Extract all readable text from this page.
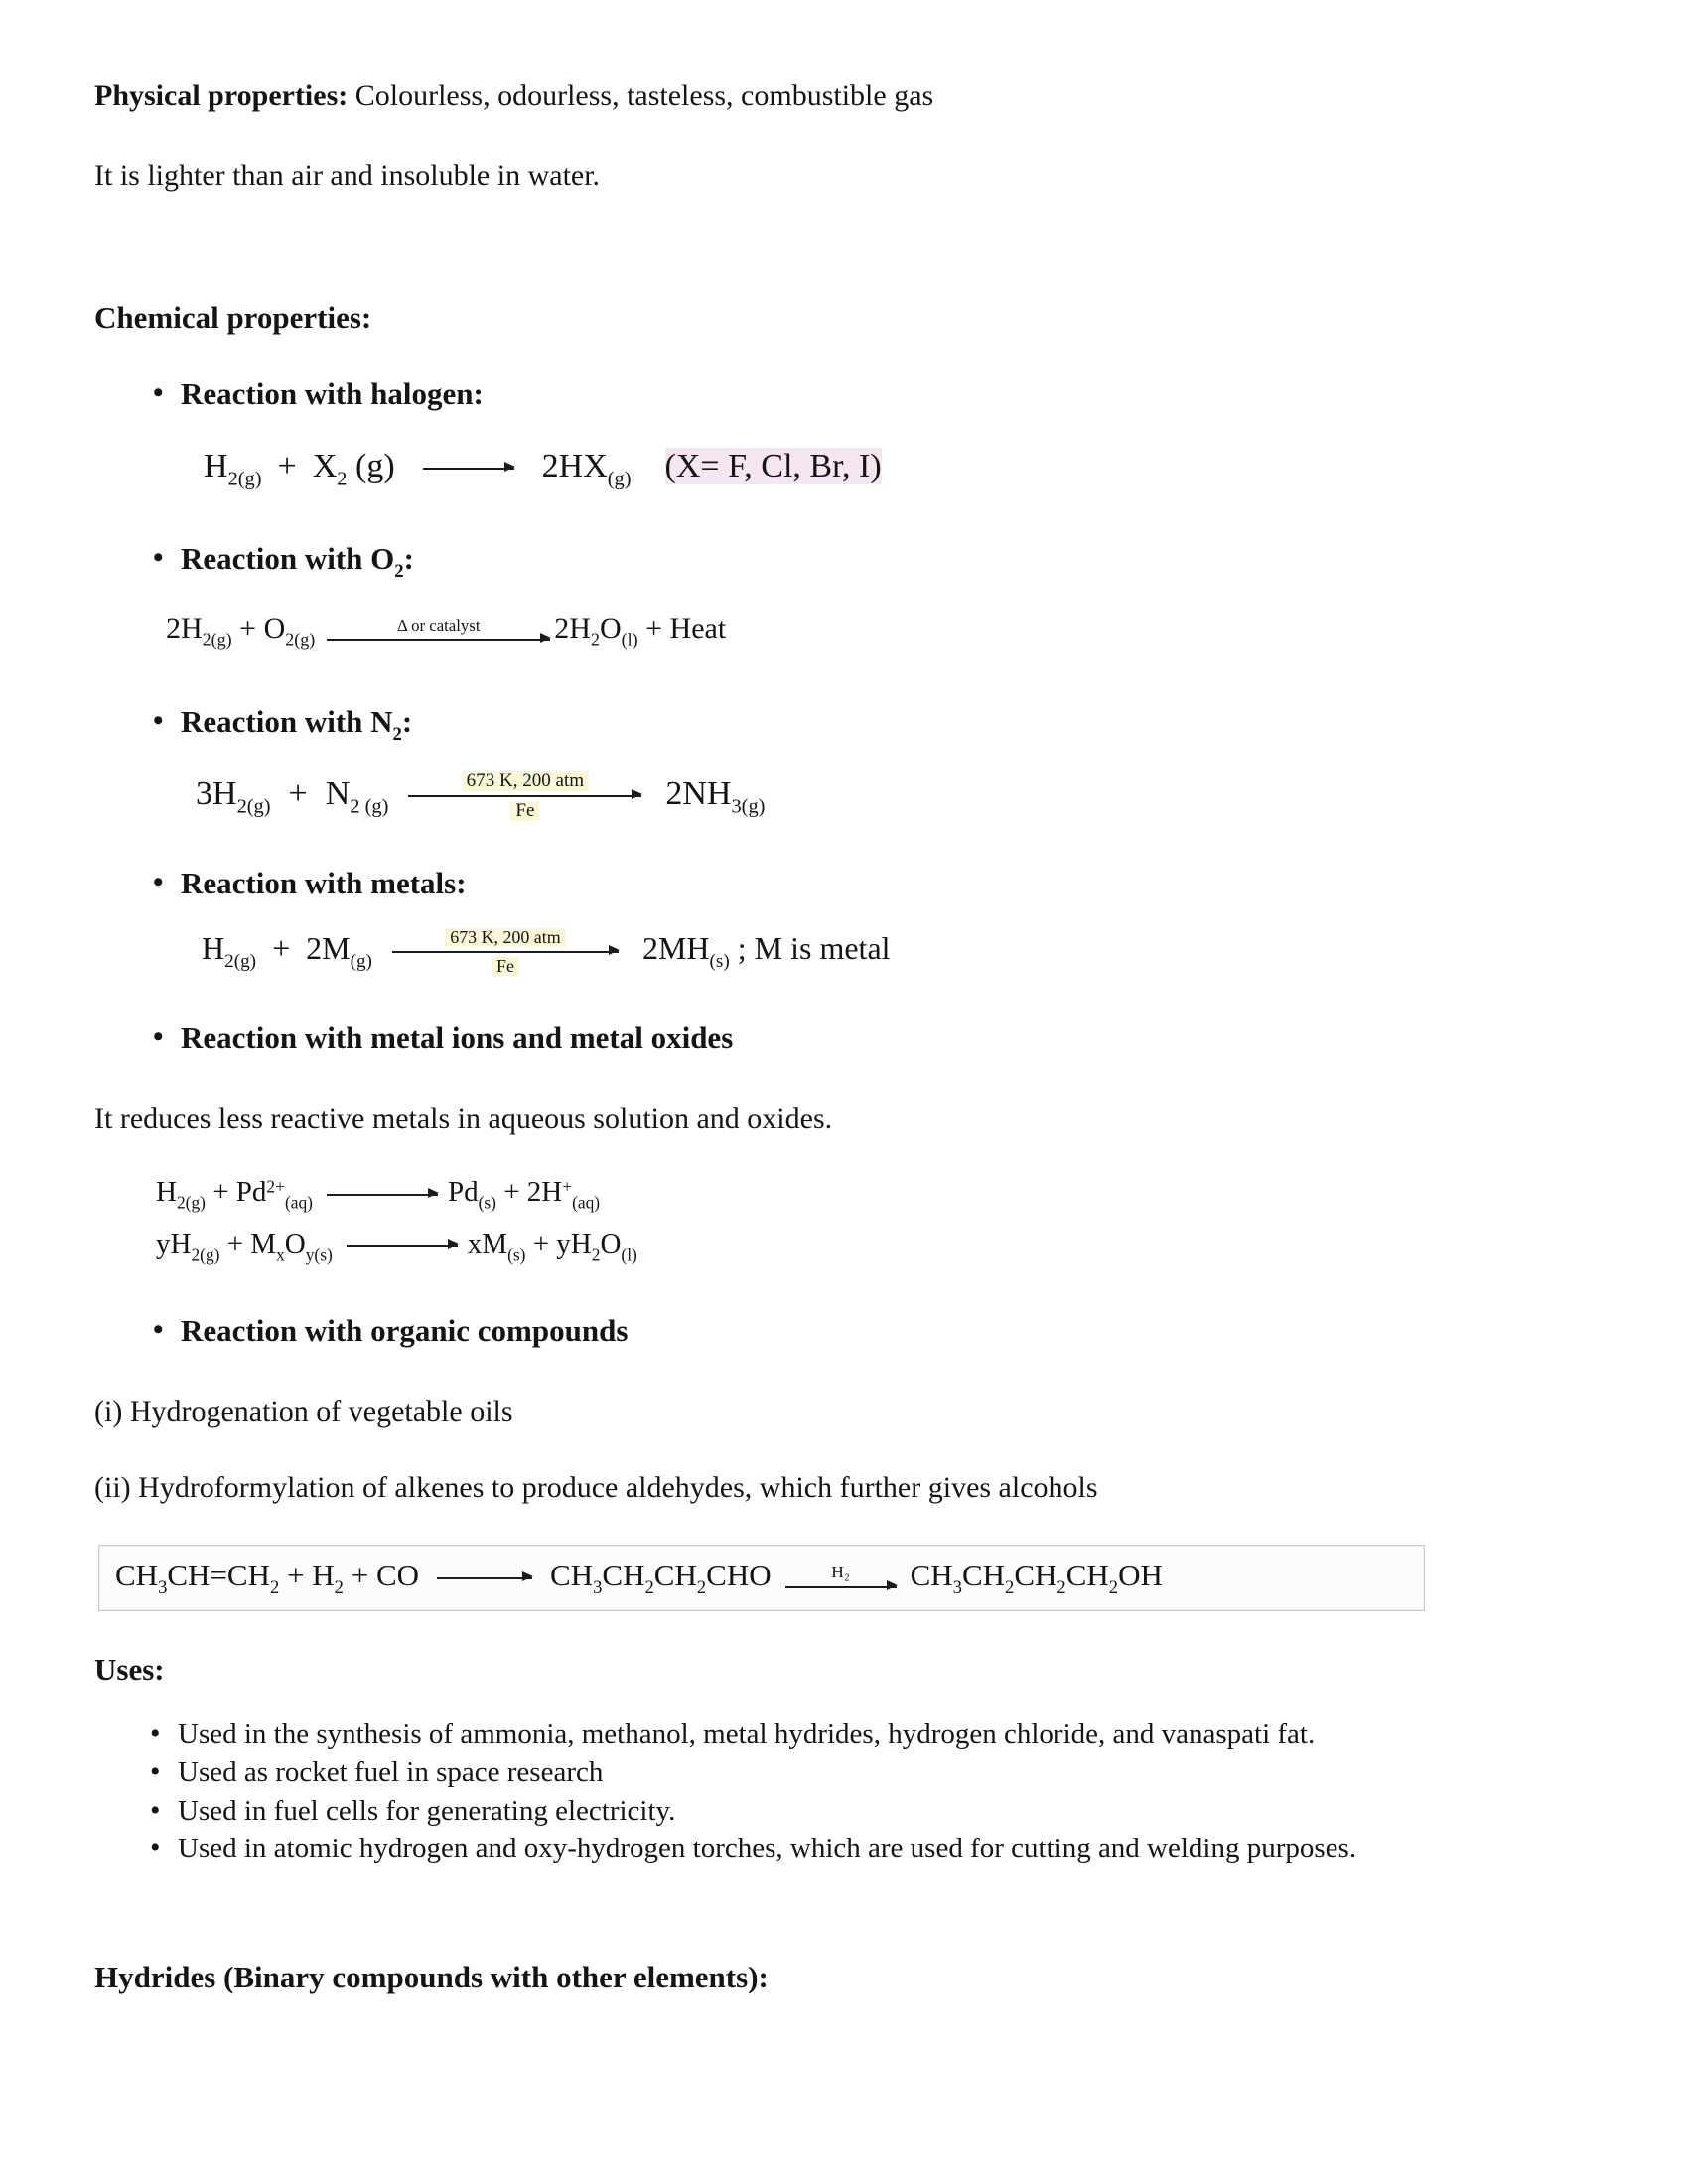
Physical properties: Colourless, odourless, tasteless, combustible gas

It is lighter than air and insoluble in water.

Chemical properties:

• Reaction with halogen:
$H_{2(g)} + X_2$ (g)	$2HX_{(g)}$ (X= F, Cl, Br, I)
• Reaction with $O_2$:
$2H_{2(g)} + O_{2(g)}$
Δ or catalyst $2H_2O_{(l)}$ + Heat
• Reaction with $N_2$:
$3H_{2(g)} + N_{2 (g)}$
673 K, 200 atm
Fe	$2NH_{3(g)}$
• Reaction with metals:
$H_{2(g)} + 2M_{(g)}$
673 K, 200 atm
Fe	$2MH_{(s)}$ ; M is metal
• Reaction with metal ions and metal oxides

It reduces less reactive metals in aqueous solution and oxides.

$H_{2(g)} + Pd^{2+}_{(aq)}$	$Pd_{(s)} + 2H^+_{(aq)}$
$yH_{2(g)} + M_xO_{y(s)}$	$xM_{(s)} + yH_2O_{(l)}$
• Reaction with organic compounds

(i) Hydrogenation of vegetable oils

(ii) Hydroformylation of alkenes to produce aldehydes, which further gives alcohols

$CH_3CH=CH_2 + H_2$ + CO	$CH_3CH_2CH_2CHO$	H₂ $CH_3CH_2CH_2CH_2OH$

Uses:

• Used in the synthesis of ammonia, methanol, metal hydrides, hydrogen chloride, and vanaspati fat.
• Used as rocket fuel in space research
• Used in fuel cells for generating electricity.
• Used in atomic hydrogen and oxy-hydrogen torches, which are used for cutting and welding purposes.

Hydrides (Binary compounds with other elements):
